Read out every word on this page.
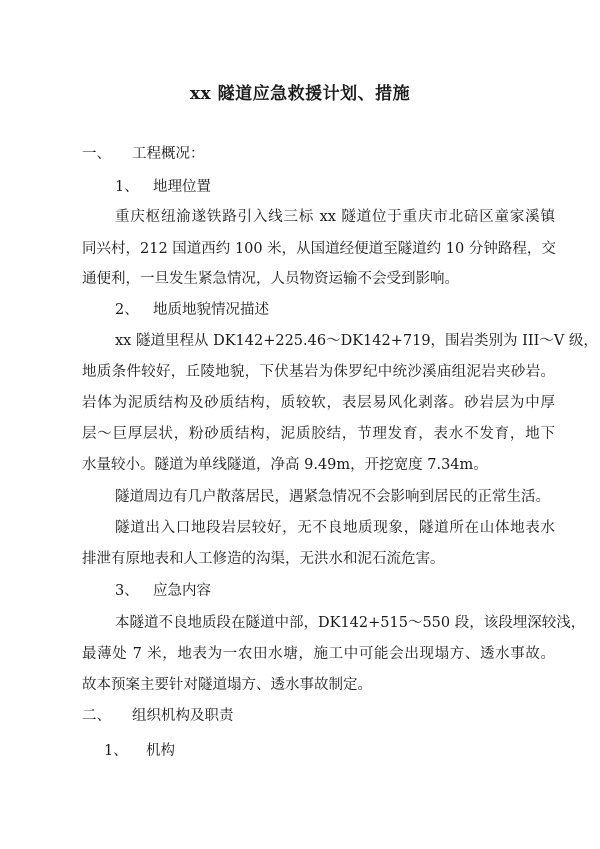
xx 隧道应急救援计划、措施
一、 工程概况：
1、 地理位置
重庆枢纽渝遂铁路引入线三标 xx 隧道位于重庆市北碚区童家溪镇
同兴村，212 国道西约 100 米，从国道经便道至隧道约 10 分钟路程，交
通便利，一旦发生紧急情况，人员物资运输不会受到影响。
2、 地质地貌情况描述
xx 隧道里程从 DK142+225.46～DK142+719，围岩类别为 III～V 级，
地质条件较好，丘陵地貌，下伏基岩为侏罗纪中统沙溪庙组泥岩夹砂岩。
岩体为泥质结构及砂质结构，质较软，表层易风化剥落。砂岩层为中厚
层～巨厚层状，粉砂质结构，泥质胶结，节理发育，表水不发育，地下
水量较小。隧道为单线隧道，净高 9.49m，开挖宽度 7.34m。
隧道周边有几户散落居民，遇紧急情况不会影响到居民的正常生活。
隧道出入口地段岩层较好，无不良地质现象，隧道所在山体地表水
排泄有原地表和人工修造的沟渠，无洪水和泥石流危害。
3、 应急内容
本隧道不良地质段在隧道中部，DK142+515～550 段，该段埋深较浅，
最薄处 7 米，地表为一农田水塘，施工中可能会出现塌方、透水事故。
故本预案主要针对隧道塌方、透水事故制定。
二、 组织机构及职责
1、 机构
